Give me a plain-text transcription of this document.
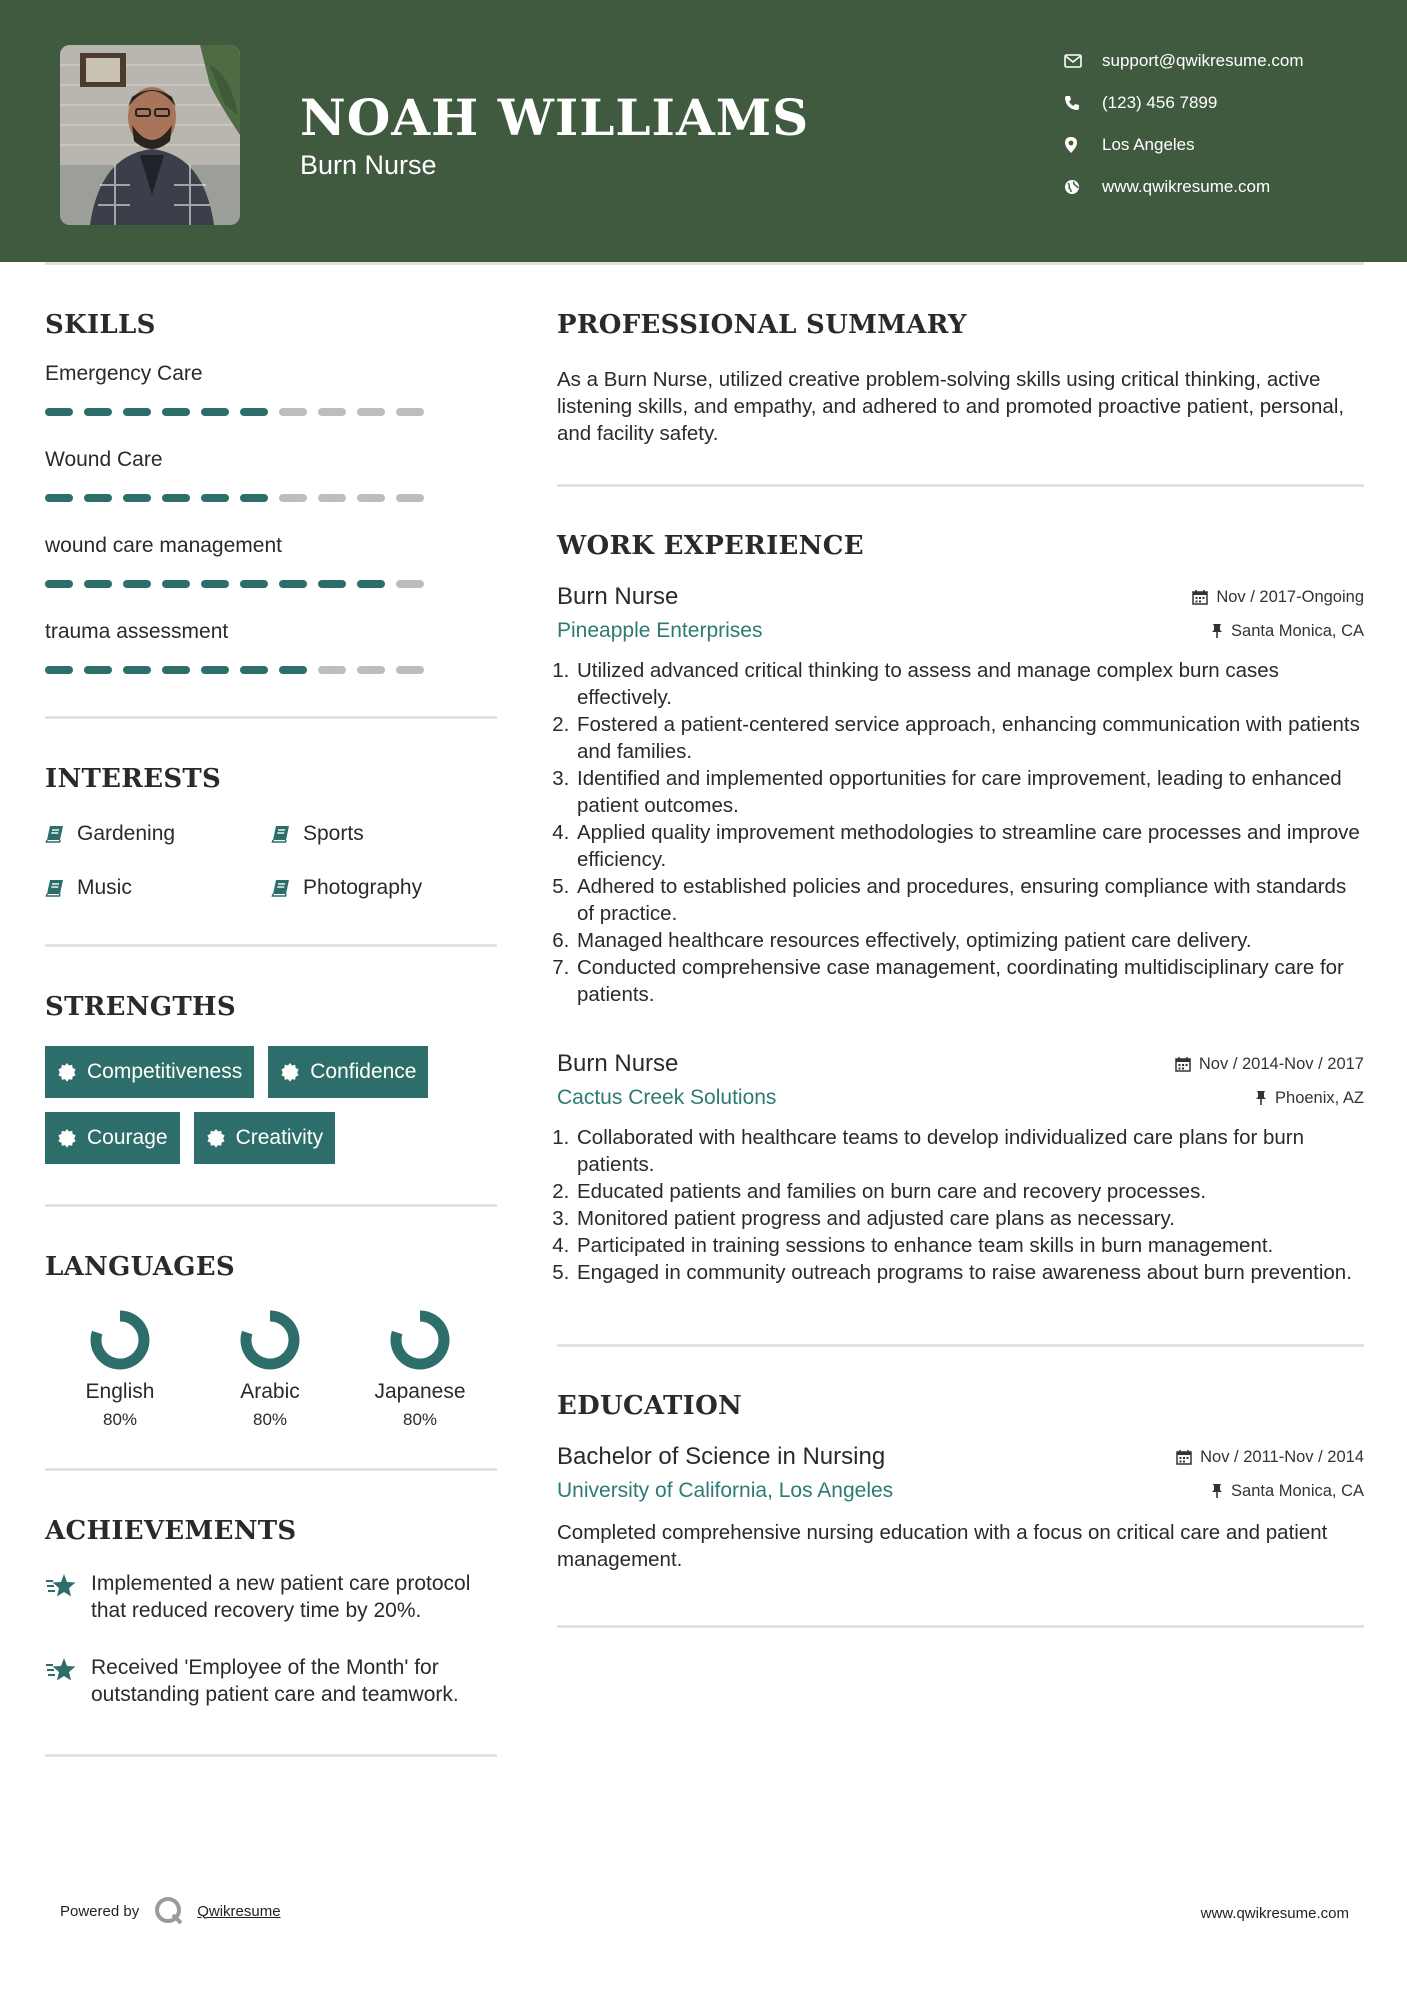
NOAH WILLIAMS
Burn Nurse
support@qwikresume.com
(123) 456 7899
Los Angeles
www.qwikresume.com
SKILLS
Emergency Care
Wound Care
wound care management
trauma assessment
INTERESTS
Gardening	Sports
Music	Photography
STRENGTHS
Competitiveness	Confidence
Courage	Creativity
LANGUAGES
English
80%
Arabic
80%
Japanese
80%
ACHIEVEMENTS
Implemented a new patient care protocol that reduced recovery time by 20%.
Received 'Employee of the Month' for outstanding patient care and teamwork.
PROFESSIONAL SUMMARY
As a Burn Nurse, utilized creative problem-solving skills using critical thinking, active listening skills, and empathy, and adhered to and promoted proactive patient, personal, and facility safety.
WORK EXPERIENCE
Burn Nurse	Nov / 2017-Ongoing
Pineapple Enterprises	Santa Monica, CA
1. Utilized advanced critical thinking to assess and manage complex burn cases effectively.
2. Fostered a patient-centered service approach, enhancing communication with patients and families.
3. Identified and implemented opportunities for care improvement, leading to enhanced patient outcomes.
4. Applied quality improvement methodologies to streamline care processes and improve efficiency.
5. Adhered to established policies and procedures, ensuring compliance with standards of practice.
6. Managed healthcare resources effectively, optimizing patient care delivery.
7. Conducted comprehensive case management, coordinating multidisciplinary care for patients.
Burn Nurse	Nov / 2014-Nov / 2017
Cactus Creek Solutions	Phoenix, AZ
1. Collaborated with healthcare teams to develop individualized care plans for burn patients.
2. Educated patients and families on burn care and recovery processes.
3. Monitored patient progress and adjusted care plans as necessary.
4. Participated in training sessions to enhance team skills in burn management.
5. Engaged in community outreach programs to raise awareness about burn prevention.
EDUCATION
Bachelor of Science in Nursing	Nov / 2011-Nov / 2014
University of California, Los Angeles	Santa Monica, CA
Completed comprehensive nursing education with a focus on critical care and patient management.
Powered by	Qwikresume	www.qwikresume.com
